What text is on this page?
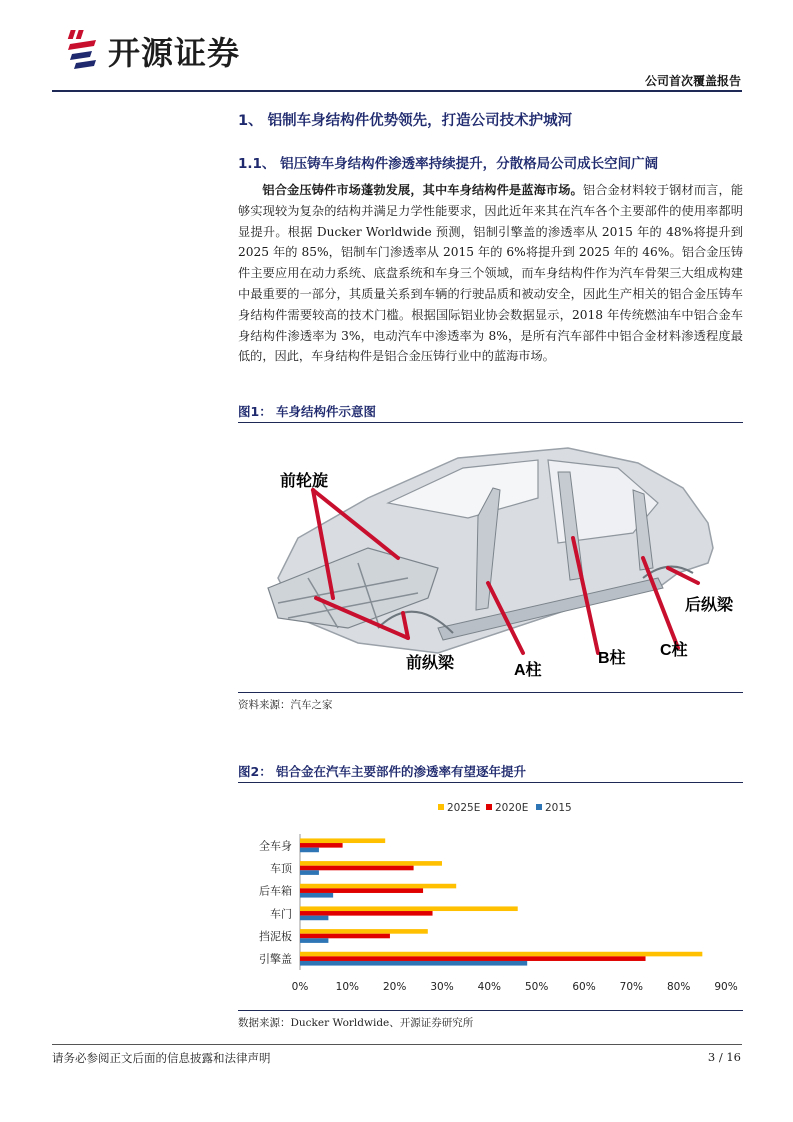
开源证券
公司首次覆盖报告
1、 铝制车身结构件优势领先，打造公司技术护城河
1.1、 铝压铸车身结构件渗透率持续提升，分散格局公司成长空间广阔
铝合金压铸件市场蓬勃发展，其中车身结构件是蓝海市场。铝合金材料较于钢材而言，能够实现较为复杂的结构并满足力学性能要求，因此近年来其在汽车各个主要部件的使用率都明显提升。根据 Ducker Worldwide 预测，铝制引擎盖的渗透率从 2015 年的 48%将提升到 2025 年的 85%，铝制车门渗透率从 2015 年的 6%将提升到 2025 年的 46%。铝合金压铸件主要应用在动力系统、底盘系统和车身三个领域，而车身结构件作为汽车骨架三大组成构建中最重要的一部分，其质量关系到车辆的行驶品质和被动安全，因此生产相关的铝合金压铸车身结构件需要较高的技术门槛。根据国际铝业协会数据显示，2018 年传统燃油车中铝合金车身结构件渗透率为 3%，电动汽车中渗透率为 8%，是所有汽车部件中铝合金材料渗透程度最低的，因此，车身结构件是铝合金压铸行业中的蓝海市场。
图1： 车身结构件示意图
前轮旋
后纵梁
前纵梁	A柱
B柱 C柱
资料来源：汽车之家
图2： 铝合金在汽车主要部件的渗透率有望逐年提升
2025E 2020E 2015
全车身
车顶
后车箱
车门
挡泥板
引擎盖
0%	10% 20% 30% 40% 50% 60% 70% 80% 90%
数据来源：Ducker Worldwide、开源证券研究所
请务必参阅正文后面的信息披露和法律声明	3 / 16
